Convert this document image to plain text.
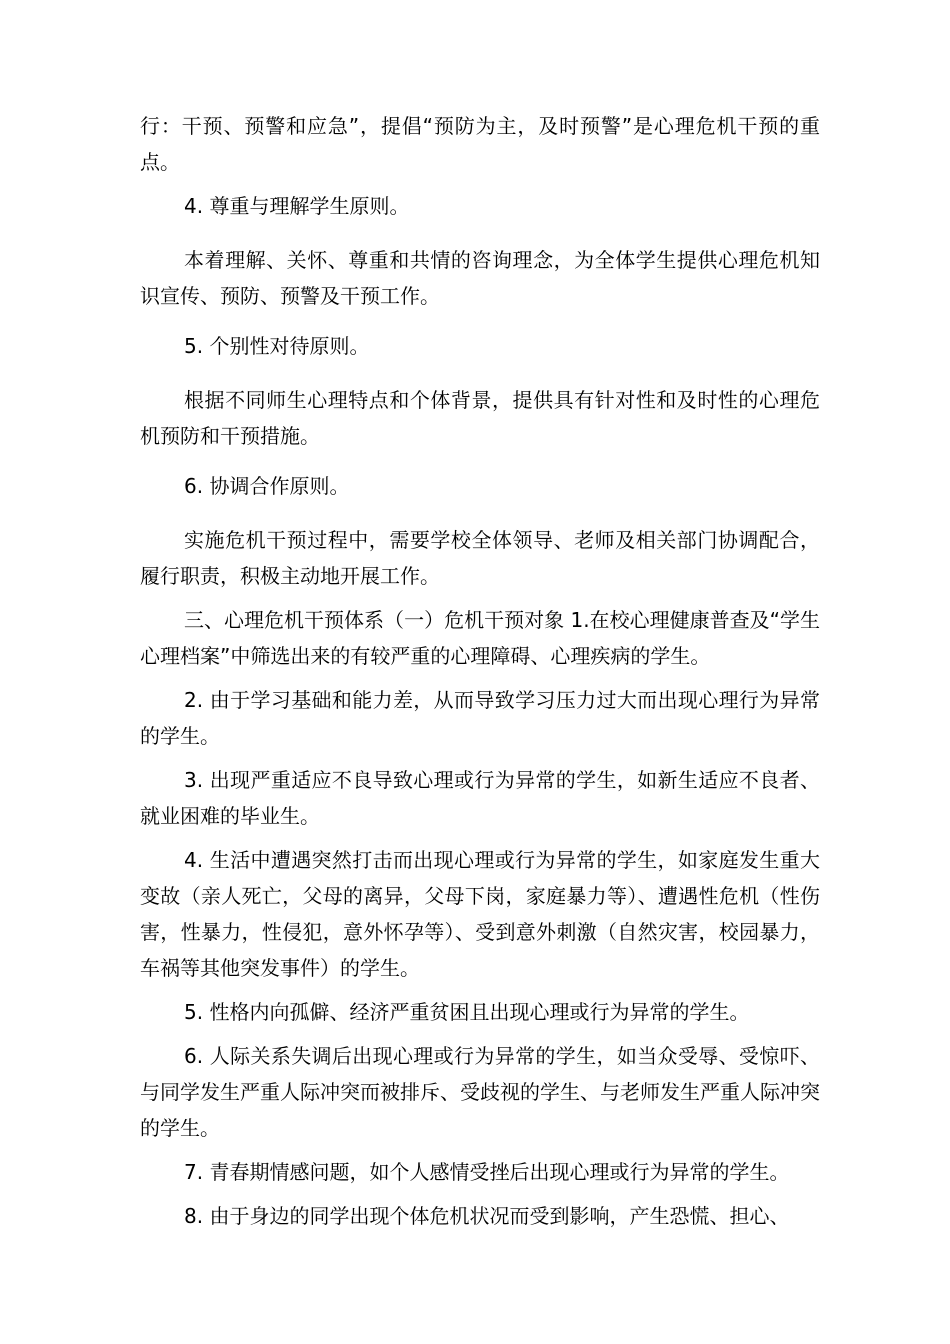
行：干预、预警和应急”，提倡“预防为主，及时预警”是心理危机干预的重点。

4. 尊重与理解学生原则。

本着理解、关怀、尊重和共情的咨询理念，为全体学生提供心理危机知识宣传、预防、预警及干预工作。

5. 个别性对待原则。

根据不同师生心理特点和个体背景，提供具有针对性和及时性的心理危机预防和干预措施。

6. 协调合作原则。

实施危机干预过程中，需要学校全体领导、老师及相关部门协调配合，履行职责，积极主动地开展工作。

三、心理危机干预体系（一）危机干预对象 1.在校心理健康普查及“学生心理档案”中筛选出来的有较严重的心理障碍、心理疾病的学生。

2. 由于学习基础和能力差，从而导致学习压力过大而出现心理行为异常的学生。

3. 出现严重适应不良导致心理或行为异常的学生，如新生适应不良者、就业困难的毕业生。

4. 生活中遭遇突然打击而出现心理或行为异常的学生，如家庭发生重大变故（亲人死亡，父母的离异，父母下岗，家庭暴力等）、遭遇性危机（性伤害，性暴力，性侵犯，意外怀孕等）、受到意外刺激（自然灾害，校园暴力，车祸等其他突发事件）的学生。

5. 性格内向孤僻、经济严重贫困且出现心理或行为异常的学生。

6. 人际关系失调后出现心理或行为异常的学生，如当众受辱、受惊吓、与同学发生严重人际冲突而被排斥、受歧视的学生、与老师发生严重人际冲突的学生。

7. 青春期情感问题，如个人感情受挫后出现心理或行为异常的学生。

8. 由于身边的同学出现个体危机状况而受到影响，产生恐慌、担心、
